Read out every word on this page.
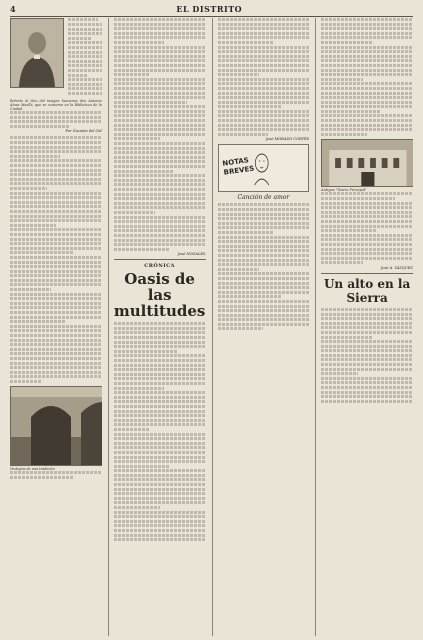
4	EL DISTRITO

Retrato al óleo del insigne huesense don Antonio Aínsa Maella, que se conserva en la Biblioteca de la Ciudad.
Por Guzmán del Cid
Vestigios de una tradición
José NOGALES
CRÓNICA
Oasis de las multitudes
José MORADO CORTÉS
NOTAS BREVES
Canción de amor
Antiguo "Teatro Principal"
José A. VÁZQUEZ
Un alto en la Sierra
